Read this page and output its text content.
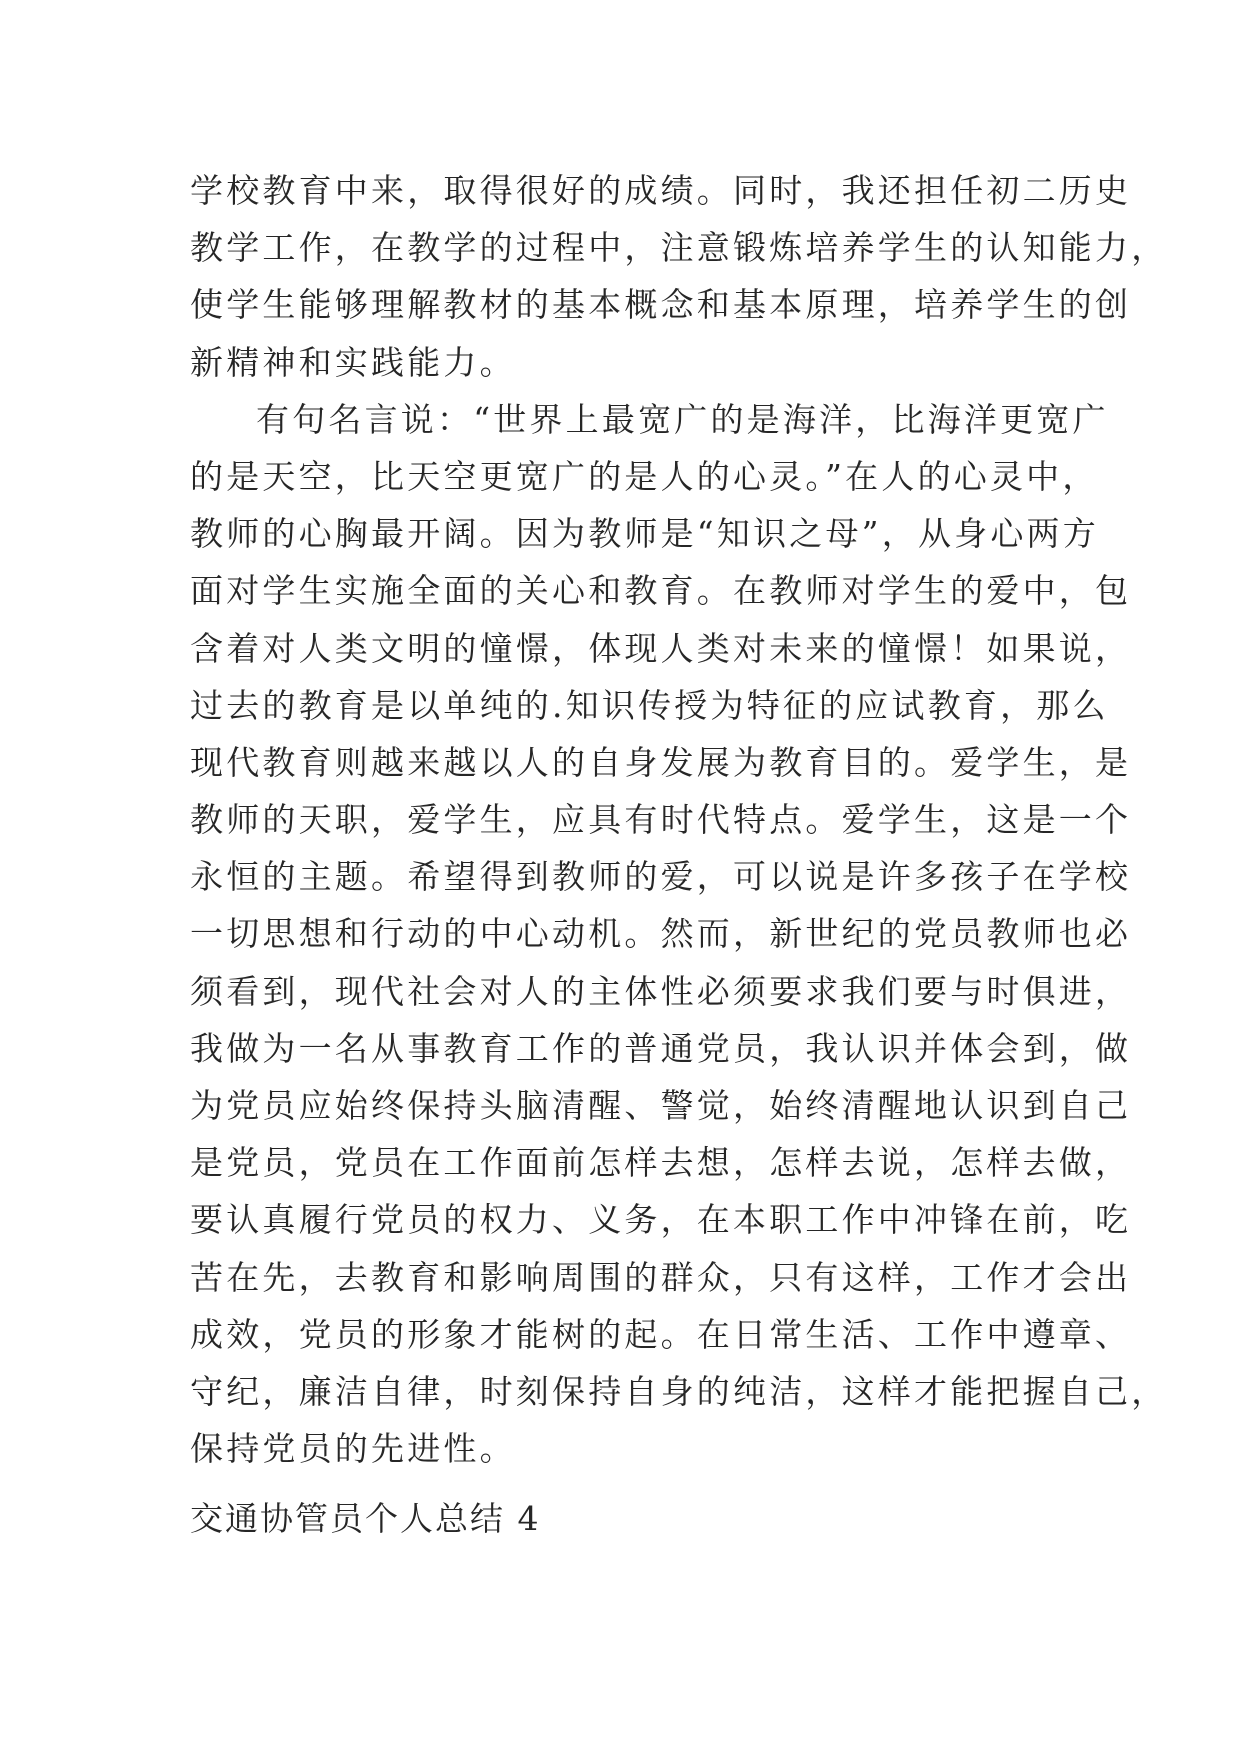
学校教育中来，取得很好的成绩。同时，我还担任初二历史
教学工作，在教学的过程中，注意锻炼培养学生的认知能力，
使学生能够理解教材的基本概念和基本原理，培养学生的创
新精神和实践能力。
有句名言说：“世界上最宽广的是海洋，比海洋更宽广
的是天空，比天空更宽广的是人的心灵。”在人的心灵中，
教师的心胸最开阔。因为教师是“知识之母”，从身心两方
面对学生实施全面的关心和教育。在教师对学生的爱中，包
含着对人类文明的憧憬，体现人类对未来的憧憬！如果说，
过去的教育是以单纯的.知识传授为特征的应试教育，那么
现代教育则越来越以人的自身发展为教育目的。爱学生，是
教师的天职，爱学生，应具有时代特点。爱学生，这是一个
永恒的主题。希望得到教师的爱，可以说是许多孩子在学校
一切思想和行动的中心动机。然而，新世纪的党员教师也必
须看到，现代社会对人的主体性必须要求我们要与时俱进，
我做为一名从事教育工作的普通党员，我认识并体会到，做
为党员应始终保持头脑清醒、警觉，始终清醒地认识到自己
是党员，党员在工作面前怎样去想，怎样去说，怎样去做，
要认真履行党员的权力、义务，在本职工作中冲锋在前，吃
苦在先，去教育和影响周围的群众，只有这样，工作才会出
成效，党员的形象才能树的起。在日常生活、工作中遵章、
守纪，廉洁自律，时刻保持自身的纯洁，这样才能把握自己，
保持党员的先进性。
交通协管员个人总结 4
